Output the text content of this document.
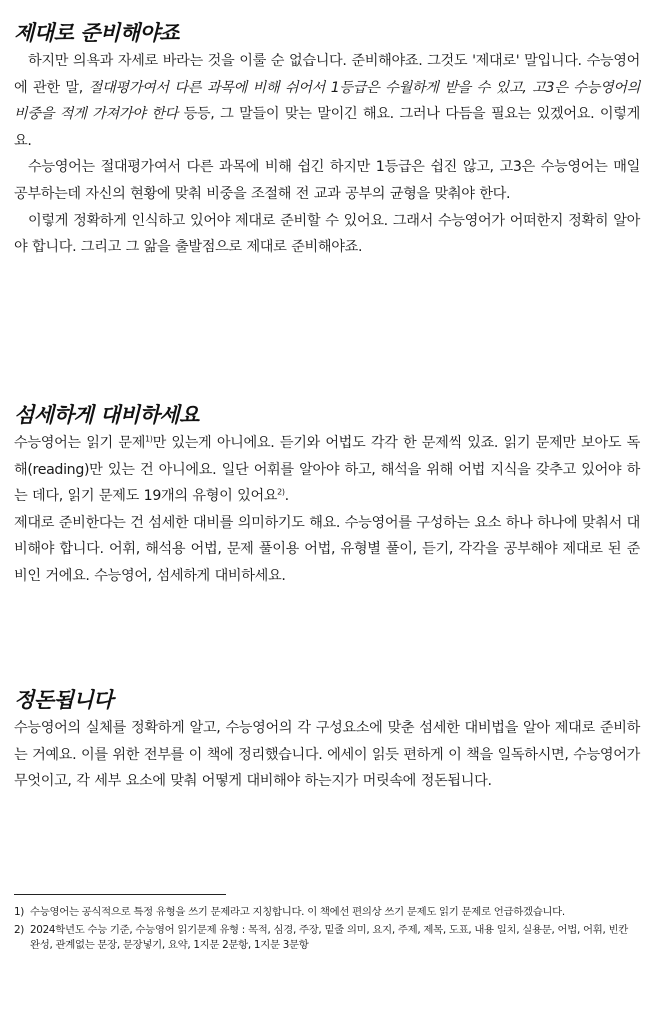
제대로 준비해야죠

하지만 의욕과 자세로 바라는 것을 이룰 순 없습니다. 준비해야죠. 그것도 '제대로' 말입니다. 수능영어에 관한 말, 절대평가여서 다른 과목에 비해 쉬어서 1등급은 수월하게 받을 수 있고, 고3은 수능영어의 비중을 적게 가져가야 한다 등등, 그 말들이 맞는 말이긴 해요. 그러나 다듬을 필요는 있겠어요. 이렇게요.

수능영어는 절대평가여서 다른 과목에 비해 쉽긴 하지만 1등급은 쉽진 않고, 고3은 수능영어는 매일 공부하는데 자신의 현황에 맞춰 비중을 조절해 전 교과 공부의 균형을 맞춰야 한다.

이렇게 정확하게 인식하고 있어야 제대로 준비할 수 있어요. 그래서 수능영어가 어떠한지 정확히 알아야 합니다. 그리고 그 앎을 출발점으로 제대로 준비해야죠.

섬세하게 대비하세요

수능영어는 읽기 문제$^{1)}$만 있는게 아니에요. 듣기와 어법도 각각 한 문제씩 있죠. 읽기 문제만 보아도 독해(reading)만 있는 건 아니에요. 일단 어휘를 알아야 하고, 해석을 위해 어법 지식을 갖추고 있어야 하는 데다, 읽기 문제도 19개의 유형이 있어요$^{2)}$.

제대로 준비한다는 건 섬세한 대비를 의미하기도 해요. 수능영어를 구성하는 요소 하나 하나에 맞춰서 대비해야 합니다. 어휘, 해석용 어법, 문제 풀이용 어법, 유형별 풀이, 듣기, 각각을 공부해야 제대로 된 준비인 거에요. 수능영어, 섬세하게 대비하세요.

정돈됩니다

수능영어의 실체를 정확하게 알고, 수능영어의 각 구성요소에 맞춘 섬세한 대비법을 알아 제대로 준비하는 거예요. 이를 위한 전부를 이 책에 정리했습니다. 에세이 읽듯 편하게 이 책을 일독하시면, 수능영어가 무엇이고, 각 세부 요소에 맞춰 어떻게 대비해야 하는지가 머릿속에 정돈됩니다.

1) 수능영어는 공식적으로 특정 유형을 쓰기 문제라고 지칭합니다. 이 책에선 편의상 쓰기 문제도 읽기 문제로 언급하겠습니다.

2) 2024학년도 수능 기준, 수능영어 읽기문제 유형 : 목적, 심경, 주장, 밑줄 의미, 요지, 주제, 제목, 도표, 내용 일치, 실용문, 어법, 어휘, 빈칸 완성, 관계없는 문장, 문장넣기, 요약, 1지문 2문항, 1지문 3문항
